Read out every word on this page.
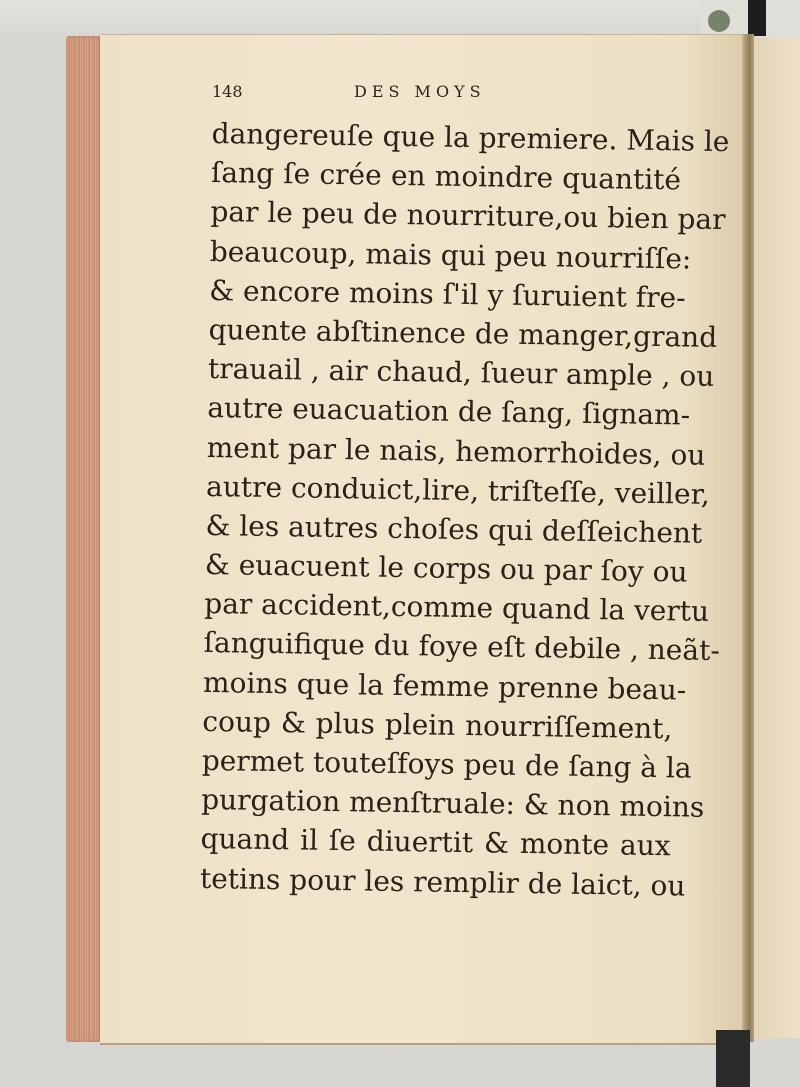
148	DES MOYS
dangereuſe que la premiere. Mais le
ſang ſe crée en moindre quantité
par le peu de nourriture,ou bien par
beaucoup, mais qui peu nourriſſe:
& encore moins ſ'il y ſuruient fre-
quente abſtinence de manger,grand
trauail , air chaud, ſueur ample , ou
autre euacuation de ſang, ſignam-
ment par le nais, hemorrhoides, ou
autre conduict,lire, triſteſſe, veiller,
& les autres choſes qui deſſeichent
& euacuent le corps ou par ſoy ou
par accident,comme quand la vertu
ſanguifique du foye eſt debile , neãt-
moins que la femme prenne beau-
coup & plus plein nourriſſement,
permet touteſfoys peu de ſang à la
purgation menſtruale: & non moins
quand il ſe diuertit & monte aux
tetins pour les remplir de laict, ou
